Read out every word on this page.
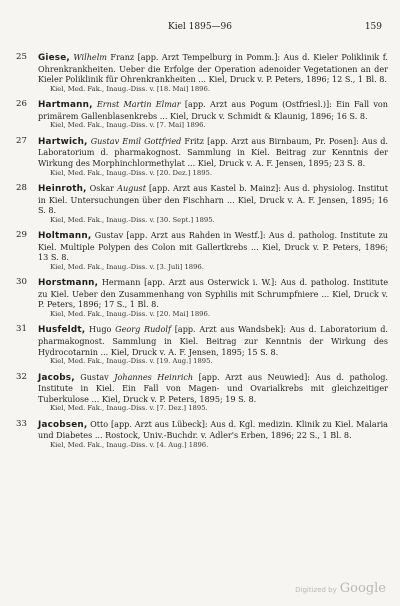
Kiel 1895—96	159
25 Giese, Wilhelm Franz [app. Arzt Tempelburg in Pomm.]: Aus d. Kieler Poliklinik f. Ohrenkrankheiten. Ueber die Erfolge der Operation adenoider Vegetationen an der Kieler Poliklinik für Ohrenkrankheiten ... Kiel, Druck v. P. Peters, 1896; 12 S., 1 Bl. 8.
Kiel, Med. Fak., Inaug.-Diss. v. [18. Mai] 1896.
26 Hartmann, Ernst Martin Elmar [app. Arzt aus Pogum (Ostfriesl.)]: Ein Fall von primärem Gallenblasenkrebs ... Kiel, Druck v. Schmidt & Klaunig, 1896; 16 S. 8.
Kiel, Med. Fak., Inaug.-Diss. v. [7. Mai] 1896.
27 Hartwich, Gustav Emil Gottfried Fritz [app. Arzt aus Birnbaum, Pr. Posen]: Aus d. Laboratorium d. pharmakognost. Sammlung in Kiel. Beitrag zur Kenntnis der Wirkung des Morphinchlormethylat ... Kiel, Druck v. A. F. Jensen, 1895; 23 S. 8.
Kiel, Med. Fak., Inaug.-Diss. v. [20. Dez.] 1895.
28 Heinroth, Oskar August [app. Arzt aus Kastel b. Mainz]: Aus d. physiolog. Institut in Kiel. Untersuchungen über den Fischharn ... Kiel, Druck v. A. F. Jensen, 1895; 16 S. 8.
Kiel, Med. Fak., Inaug.-Diss. v. [30. Sept.] 1895.
29 Holtmann, Gustav [app. Arzt aus Rahden in Westf.]: Aus d. patholog. Institute zu Kiel. Multiple Polypen des Colon mit Gallertkrebs ... Kiel, Druck v. P. Peters, 1896; 13 S. 8.
Kiel, Med. Fak., Inaug.-Diss. v. [3. Juli] 1896.
30 Horstmann, Hermann [app. Arzt aus Osterwick i. W.]: Aus d. patholog. Institute zu Kiel. Ueber den Zusammenhang von Syphilis mit Schrumpfniere ... Kiel, Druck v. P. Peters, 1896; 17 S., 1 Bl. 8.
Kiel, Med. Fak., Inaug.-Diss. v. [20. Mai] 1896.
31 Husfeldt, Hugo Georg Rudolf [app. Arzt aus Wandsbek]: Aus d. Laboratorium d. pharmakognost. Sammlung in Kiel. Beitrag zur Kenntnis der Wirkung des Hydrocotarnin ... Kiel, Druck v. A. F. Jensen, 1895; 15 S. 8.
Kiel, Med. Fak., Inaug.-Diss. v. [19. Aug.] 1895.
32 Jacobs, Gustav Johannes Heinrich [app. Arzt aus Neuwied]: Aus d. patholog. Institute in Kiel. Ein Fall von Magen- und Ovarialkrebs mit gleichzeitiger Tuberkulose ... Kiel, Druck v. P. Peters, 1895; 19 S. 8.
Kiel, Med. Fak., Inaug.-Diss. v. [7. Dez.] 1895.
33 Jacobsen, Otto [app. Arzt aus Lübeck]: Aus d. Kgl. medizin. Klinik zu Kiel. Malaria und Diabetes ... Rostock, Univ.-Buchdr. v. Adler's Erben, 1896; 22 S., 1 Bl. 8.
Kiel, Med. Fak., Inaug.-Diss. v. [4. Aug.] 1896.
Digitized by Google
